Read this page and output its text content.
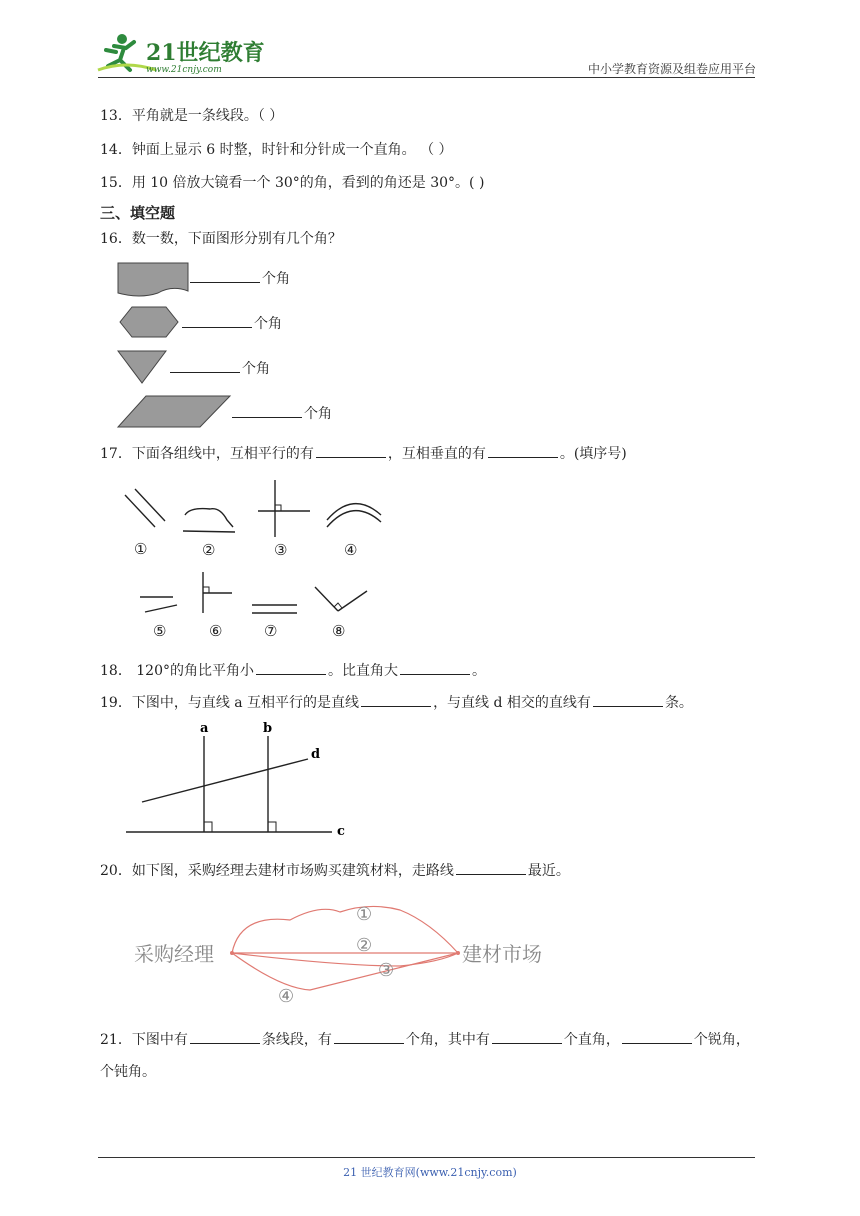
21世纪教育
www.21cnjy.com	中小学教育资源及组卷应用平台
13．平角就是一条线段。（ ）
14．钟面上显示 6 时整，时针和分针成一个直角。 （ ）
15．用 10 倍放大镜看一个 30°的角，看到的角还是 30°。( )
三、填空题
16．数一数，下面图形分别有几个角？
个角
个角
个角
个角
17．下面各组线中，互相平行的有	，互相垂直的有	。(填序号)
①	②	③	④
⑤	⑥	⑦	⑧
18． 120°的角比平角小	。比直角大	。
19．下图中，与直线 a 互相平行的是直线	，与直线 d 相交的直线有	条。
a	b
d
c
20．如下图，采购经理去建材市场购买建筑材料，走路线	最近。
采购经理	建材市场
①
②
③
④
21．下图中有	条线段，有	个角，其中有	个直角，	个锐角，
个钝角。
21 世纪教育网(www.21cnjy.com)
